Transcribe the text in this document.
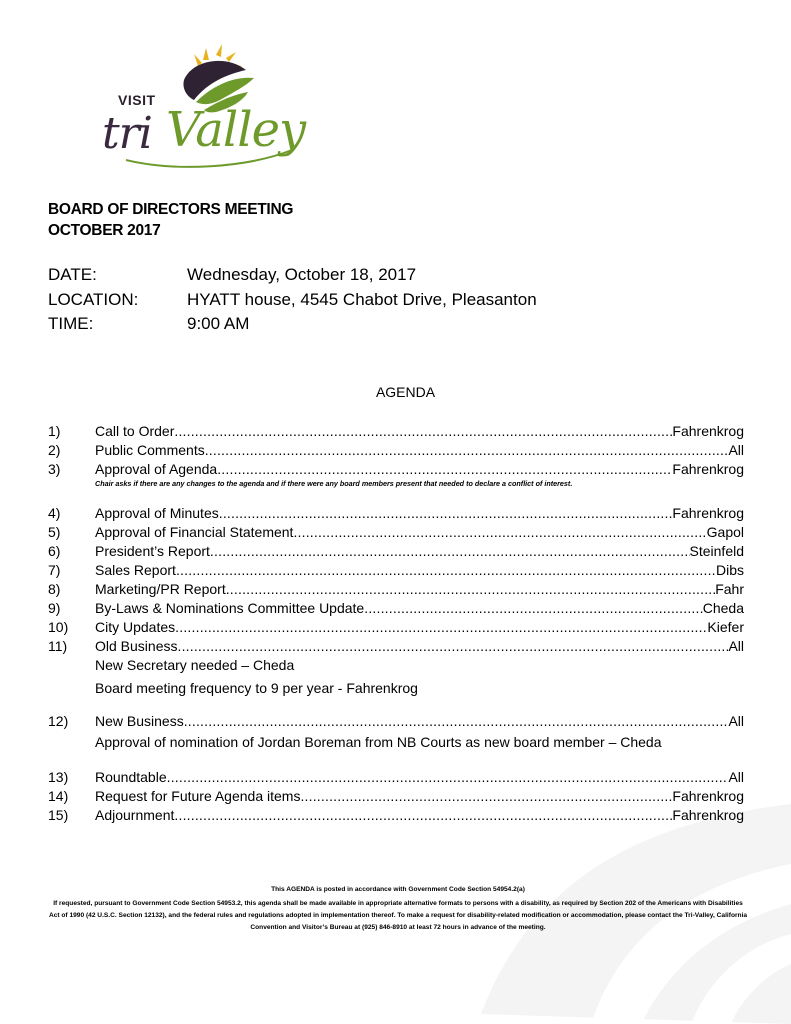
VISIT
tri Valley
BOARD OF DIRECTORS MEETING
OCTOBER 2017
DATE:	Wednesday, October 18, 2017
LOCATION:	HYATT house, 4545 Chabot Drive, Pleasanton
TIME:	9:00 AM
AGENDA
1) Call to Order .....	Fahrenkrog
2) Public Comments .....	All
3) Approval of Agenda .....	Fahrenkrog
Chair asks if there are any changes to the agenda and if there were any board members present that needed to declare a conflict of interest.
4) Approval of Minutes .....	Fahrenkrog
5) Approval of Financial Statement .....	Gapol
6) President’s Report .....	Steinfeld
7) Sales Report .....	Dibs
8) Marketing/PR Report .....	Fahr
9) By-Laws & Nominations Committee Update .....	Cheda
10) City Updates .....	Kiefer
11) Old Business .....	All
New Secretary needed – Cheda
Board meeting frequency to 9 per year - Fahrenkrog
12) New Business .....	All
Approval of nomination of Jordan Boreman from NB Courts as new board member – Cheda
13) Roundtable .....	All
14) Request for Future Agenda items .....	Fahrenkrog
15) Adjournment .....	Fahrenkrog
This AGENDA is posted in accordance with Government Code Section 54954.2(a)
If requested, pursuant to Government Code Section 54953.2, this agenda shall be made available in appropriate alternative formats to persons with a disability, as required by Section 202 of the Americans with Disabilities Act of 1990 (42 U.S.C. Section 12132), and the federal rules and regulations adopted in implementation thereof. To make a request for disability-related modification or accommodation, please contact the Tri-Valley, California Convention and Visitor’s Bureau at (925) 846-8910 at least 72 hours in advance of the meeting.
